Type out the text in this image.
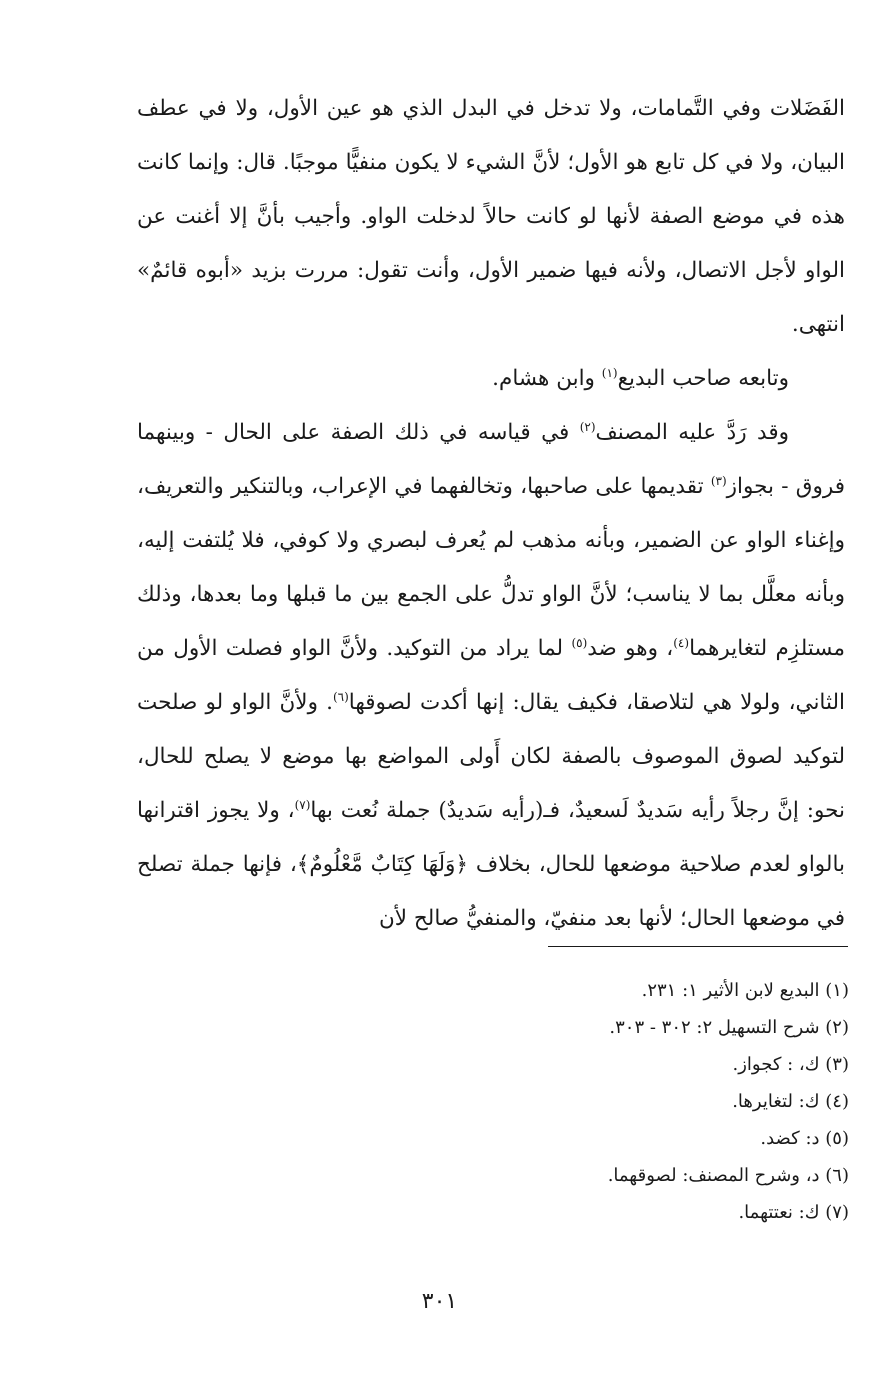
الفَضَلات وفي التَّمامات، ولا تدخل في البدل الذي هو عين الأول، ولا في عطف البيان، ولا في كل تابع هو الأول؛ لأنَّ الشيء لا يكون منفيًّا موجبًا. قال: وإنما كانت هذه في موضع الصفة لأنها لو كانت حالاً لدخلت الواو. وأجيب بأنَّ إلا أغنت عن الواو لأجل الاتصال، ولأنه فيها ضمير الأول، وأنت تقول: مررت بزيد «أبوه قائمٌ» انتهى.

وتابعه صاحب البديع$^{(١)}$ وابن هشام.

وقد رَدَّ عليه المصنف$^{(٢)}$ في قياسه في ذلك الصفة على الحال - وبينهما فروق - بجواز$^{(٣)}$ تقديمها على صاحبها، وتخالفهما في الإعراب، وبالتنكير والتعريف، وإغناء الواو عن الضمير، وبأنه مذهب لم يُعرف لبصري ولا كوفي، فلا يُلتفت إليه، وبأنه معلَّل بما لا يناسب؛ لأنَّ الواو تدلُّ على الجمع بين ما قبلها وما بعدها، وذلك مستلزِم لتغايرهما$^{(٤)}$، وهو ضد$^{(٥)}$ لما يراد من التوكيد. ولأنَّ الواو فصلت الأول من الثاني، ولولا هي لتلاصقا، فكيف يقال: إنها أكدت لصوقها$^{(٦)}$. ولأنَّ الواو لو صلحت لتوكيد لصوق الموصوف بالصفة لكان أَولى المواضع بها موضع لا يصلح للحال، نحو: إنَّ رجلاً رأيه سَديدٌ لَسعيدٌ، فـ(رأيه سَديدٌ) جملة نُعت بها$^{(٧)}$، ولا يجوز اقترانها بالواو لعدم صلاحية موضعها للحال، بخلاف ﴿وَلَهَا كِتَابٌ مَّعْلُومٌ﴾، فإنها جملة تصلح في موضعها الحال؛ لأنها بعد منفيّ، والمنفيُّ صالح لأن

(١) البديع لابن الأثير ١: ٢٣١.
(٢) شرح التسهيل ٢: ٣٠٢ - ٣٠٣.
(٣) ك، : كجواز.
(٤) ك: لتغايرها.
(٥) د: كضد.
(٦) د، وشرح المصنف: لصوقهما.
(٧) ك: نعتتهما.
٣٠١
